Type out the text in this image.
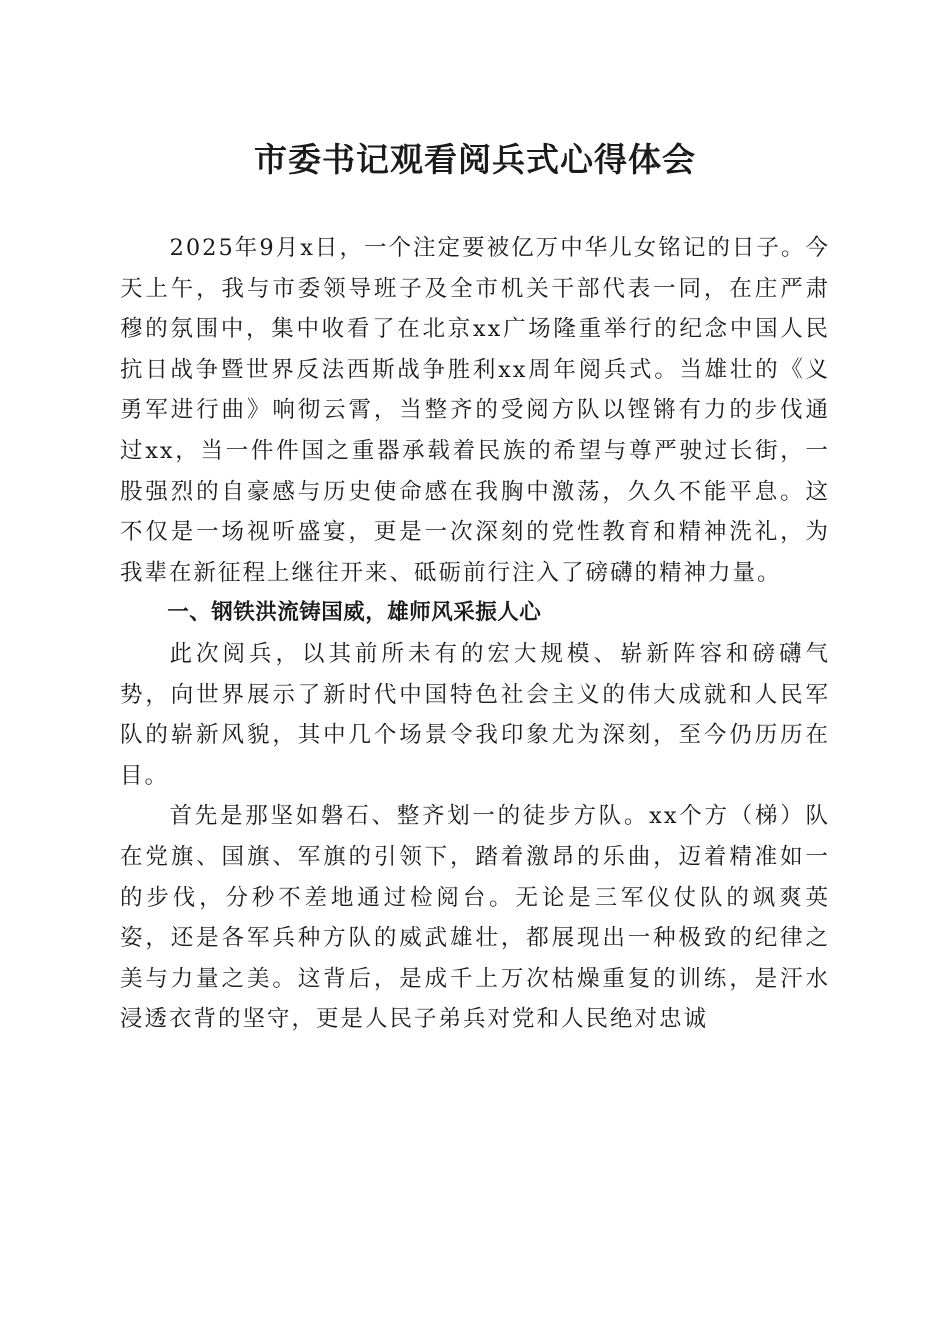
市委书记观看阅兵式心得体会

2025年9月x日，一个注定要被亿万中华儿女铭记的日子。今天上午，我与市委领导班子及全市机关干部代表一同，在庄严肃穆的氛围中，集中收看了在北京xx广场隆重举行的纪念中国人民抗日战争暨世界反法西斯战争胜利xx周年阅兵式。当雄壮的《义勇军进行曲》响彻云霄，当整齐的受阅方队以铿锵有力的步伐通过xx，当一件件国之重器承载着民族的希望与尊严驶过长街，一股强烈的自豪感与历史使命感在我胸中激荡，久久不能平息。这不仅是一场视听盛宴，更是一次深刻的党性教育和精神洗礼，为我辈在新征程上继往开来、砥砺前行注入了磅礴的精神力量。

一、钢铁洪流铸国威，雄师风采振人心

此次阅兵，以其前所未有的宏大规模、崭新阵容和磅礴气势，向世界展示了新时代中国特色社会主义的伟大成就和人民军队的崭新风貌，其中几个场景令我印象尤为深刻，至今仍历历在目。

首先是那坚如磐石、整齐划一的徒步方队。xx个方（梯）队在党旗、国旗、军旗的引领下，踏着激昂的乐曲，迈着精准如一的步伐，分秒不差地通过检阅台。无论是三军仪仗队的飒爽英姿，还是各军兵种方队的威武雄壮，都展现出一种极致的纪律之美与力量之美。这背后，是成千上万次枯燥重复的训练，是汗水浸透衣背的坚守，更是人民子弟兵对党和人民绝对忠诚
